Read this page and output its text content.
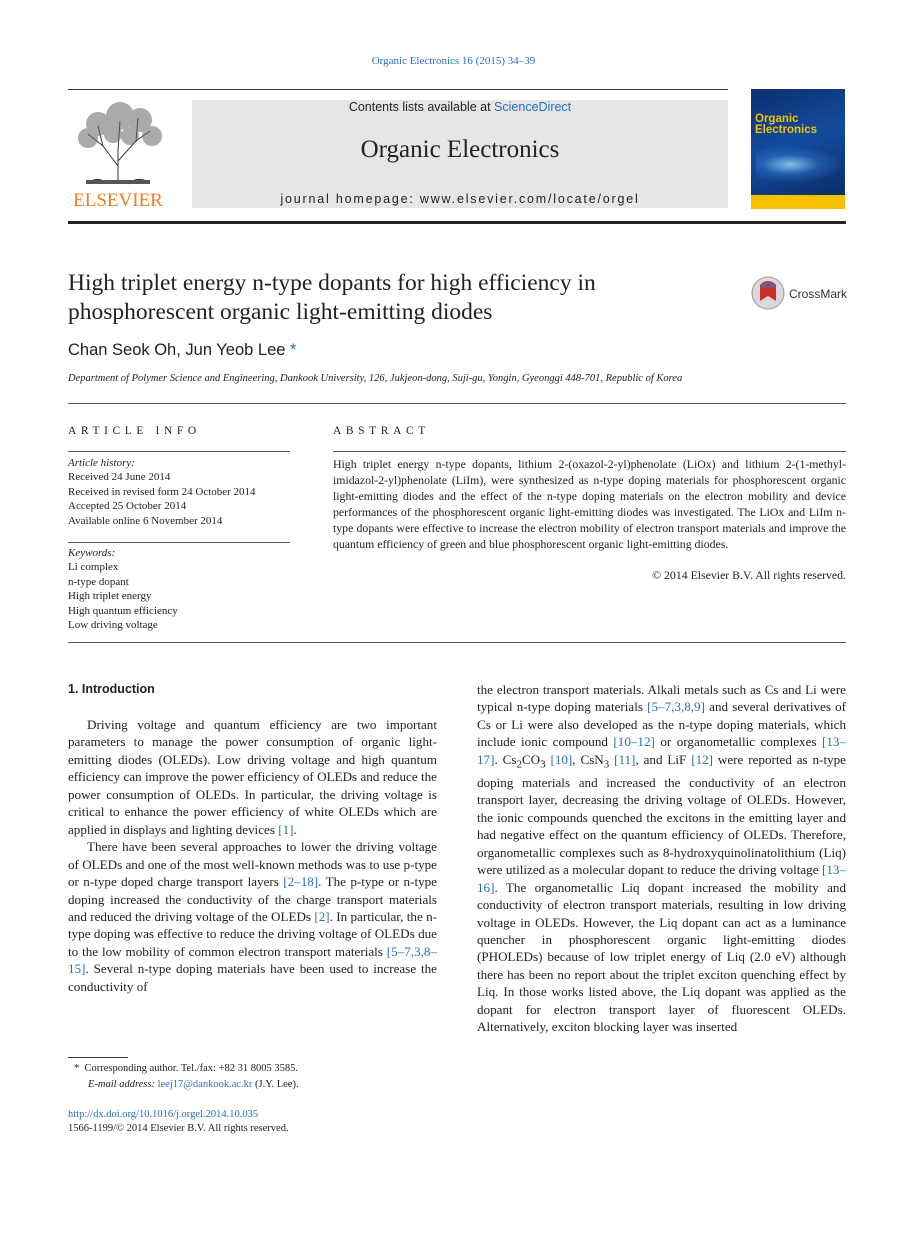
Organic Electronics 16 (2015) 34–39
ELSEVIER
Contents lists available at ScienceDirect
Organic Electronics
journal homepage: www.elsevier.com/locate/orgel
Organic Electronics
High triplet energy n-type dopants for high efficiency in phosphorescent organic light-emitting diodes
CrossMark
Chan Seok Oh, Jun Yeob Lee *
Department of Polymer Science and Engineering, Dankook University, 126, Jukjeon-dong, Suji-gu, Yongin, Gyeonggi 448-701, Republic of Korea
ARTICLE INFO
Article history:
Received 24 June 2014
Received in revised form 24 October 2014
Accepted 25 October 2014
Available online 6 November 2014
Keywords:
Li complex
n-type dopant
High triplet energy
High quantum efficiency
Low driving voltage
ABSTRACT
High triplet energy n-type dopants, lithium 2-(oxazol-2-yl)phenolate (LiOx) and lithium 2-(1-methyl-imidazol-2-yl)phenolate (LiIm), were synthesized as n-type doping materials for phosphorescent organic light-emitting diodes and the effect of the n-type doping materials on the electron mobility and device performances of the phosphorescent organic light-emitting diodes was investigated. The LiOx and LiIm n-type dopants were effective to increase the electron mobility of electron transport materials and improve the quantum efficiency of green and blue phosphorescent organic light-emitting diodes.
© 2014 Elsevier B.V. All rights reserved.
1. Introduction

Driving voltage and quantum efficiency are two important parameters to manage the power consumption of organic light-emitting diodes (OLEDs). Low driving voltage and high quantum efficiency can improve the power efficiency of OLEDs and reduce the power consumption of OLEDs. In particular, the driving voltage is critical to enhance the power efficiency of white OLEDs which are applied in displays and lighting devices [1].

There have been several approaches to lower the driving voltage of OLEDs and one of the most well-known methods was to use p-type or n-type doped charge transport layers [2–18]. The p-type or n-type doping increased the conductivity of the charge transport materials and reduced the driving voltage of the OLEDs [2]. In particular, the n-type doping was effective to reduce the driving voltage of OLEDs due to the low mobility of common electron transport materials [5–7,3,8–15]. Several n-type doping materials have been used to increase the conductivity of

the electron transport materials. Alkali metals such as Cs and Li were typical n-type doping materials [5–7,3,8,9] and several derivatives of Cs or Li were also developed as the n-type doping materials, which include ionic compound [10–12] or organometallic complexes [13–17]. $Cs_2CO_3$ [10], CsN$_3$ [11], and LiF [12] were reported as n-type doping materials and increased the conductivity of an electron transport layer, decreasing the driving voltage of OLEDs. However, the ionic compounds quenched the excitons in the emitting layer and had negative effect on the quantum efficiency of OLEDs. Therefore, organometallic complexes such as 8-hydroxyquinolinatolithium (Liq) were utilized as a molecular dopant to reduce the driving voltage [13–16]. The organometallic Liq dopant increased the mobility and conductivity of electron transport materials, resulting in low driving voltage in OLEDs. However, the Liq dopant can act as a luminance quencher in phosphorescent organic light-emitting diodes (PHOLEDs) because of low triplet energy of Liq (2.0 eV) although there has been no report about the triplet exciton quenching effect by Liq. In those works listed above, the Liq dopant was applied as the dopant for electron transport layer of fluorescent OLEDs. Alternatively, exciton blocking layer was inserted

* Corresponding author. Tel./fax: +82 31 8005 3585.
E-mail address: leej17@dankook.ac.kr (J.Y. Lee).
http://dx.doi.org/10.1016/j.orgel.2014.10.035
1566-1199/© 2014 Elsevier B.V. All rights reserved.
